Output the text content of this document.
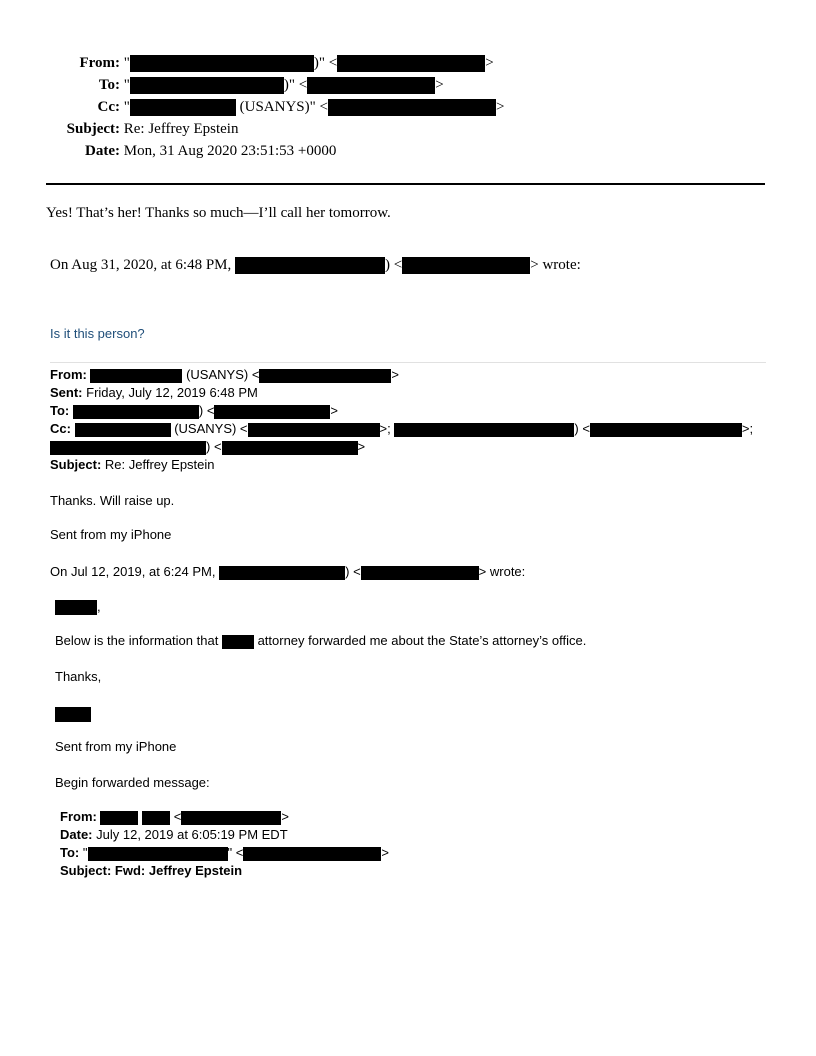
From: "	)" <	>
To: "	)" <	>
Cc: "	(USANYS)" <	>
Subject: Re: Jeffrey Epstein
Date: Mon, 31 Aug 2020 23:51:53 +0000
Yes! That’s her! Thanks so much—I’ll call her tomorrow.
On Aug 31, 2020, at 6:48 PM,	) <	> wrote:
Is it this person?
From:	(USANYS) <	>
Sent: Friday, July 12, 2019 6:48 PM
To:	) <	>
Cc:	(USANYS) <	>;	) <	>;
) <	>
Subject: Re: Jeffrey Epstein
Thanks. Will raise up.
Sent from my iPhone
On Jul 12, 2019, at 6:24 PM,	) <	> wrote:
,
Below is the information that	attorney forwarded me about the State’s attorney’s office.
Thanks,
Sent from my iPhone
Begin forwarded message:
From:	<	>
Date: July 12, 2019 at 6:05:19 PM EDT
To: "	" <	>
Subject: Fwd: Jeffrey Epstein
